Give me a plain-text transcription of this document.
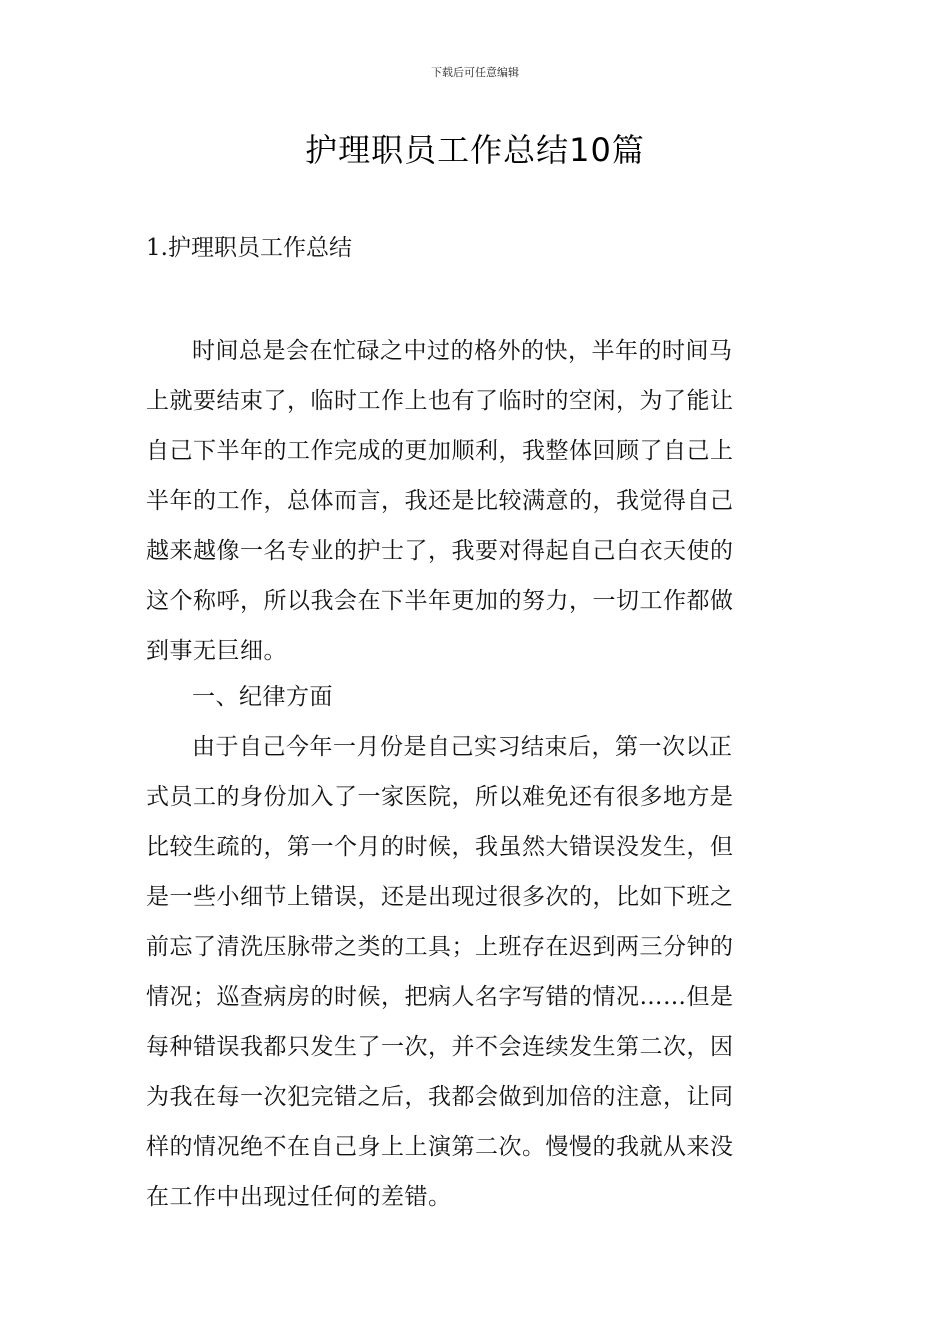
下载后可任意编辑
护理职员工作总结10篇
1.护理职员工作总结
时间总是会在忙碌之中过的格外的快，半年的时间马
上就要结束了，临时工作上也有了临时的空闲，为了能让
自己下半年的工作完成的更加顺利，我整体回顾了自己上
半年的工作，总体而言，我还是比较满意的，我觉得自己
越来越像一名专业的护士了，我要对得起自己白衣天使的
这个称呼，所以我会在下半年更加的努力，一切工作都做
到事无巨细。
一、纪律方面
由于自己今年一月份是自己实习结束后，第一次以正
式员工的身份加入了一家医院，所以难免还有很多地方是
比较生疏的，第一个月的时候，我虽然大错误没发生，但
是一些小细节上错误，还是出现过很多次的，比如下班之
前忘了清洗压脉带之类的工具；上班存在迟到两三分钟的
情况；巡查病房的时候，把病人名字写错的情况……但是
每种错误我都只发生了一次，并不会连续发生第二次，因
为我在每一次犯完错之后，我都会做到加倍的注意，让同
样的情况绝不在自己身上上演第二次。慢慢的我就从来没
在工作中出现过任何的差错。
